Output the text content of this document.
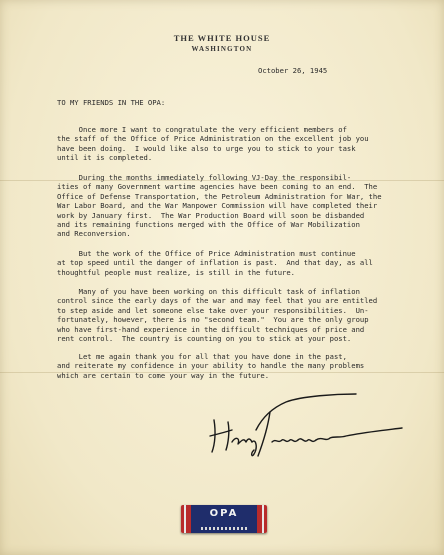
THE WHITE HOUSE
WASHINGTON
October 26, 1945
TO MY FRIENDS IN THE OPA:

Once more I want to congratulate the very efficient members of
the staff of the Office of Price Administration on the excellent job you
have been doing.  I would like also to urge you to stick to your task
until it is completed.

During the months immediately following VJ-Day the responsibil-
ities of many Government wartime agencies have been coming to an end.  The
Office of Defense Transportation, the Petroleum Administration for War, the
War Labor Board, and the War Manpower Commission will have completed their
work by January first.  The War Production Board will soon be disbanded
and its remaining functions merged with the Office of War Mobilization
and Reconversion.

But the work of the Office of Price Administration must continue
at top speed until the danger of inflation is past.  And that day, as all
thoughtful people must realize, is still in the future.

Many of you have been working on this difficult task of inflation
control since the early days of the war and may feel that you are entitled
to step aside and let someone else take over your responsibilities.  Un-
fortunately, however, there is no "second team."  You are the only group
who have first-hand experience in the difficult techniques of price and
rent control.  The country is counting on you to stick at your post.

Let me again thank you for all that you have done in the past,
and reiterate my confidence in your ability to handle the many problems
which are certain to come your way in the future.

OPA
